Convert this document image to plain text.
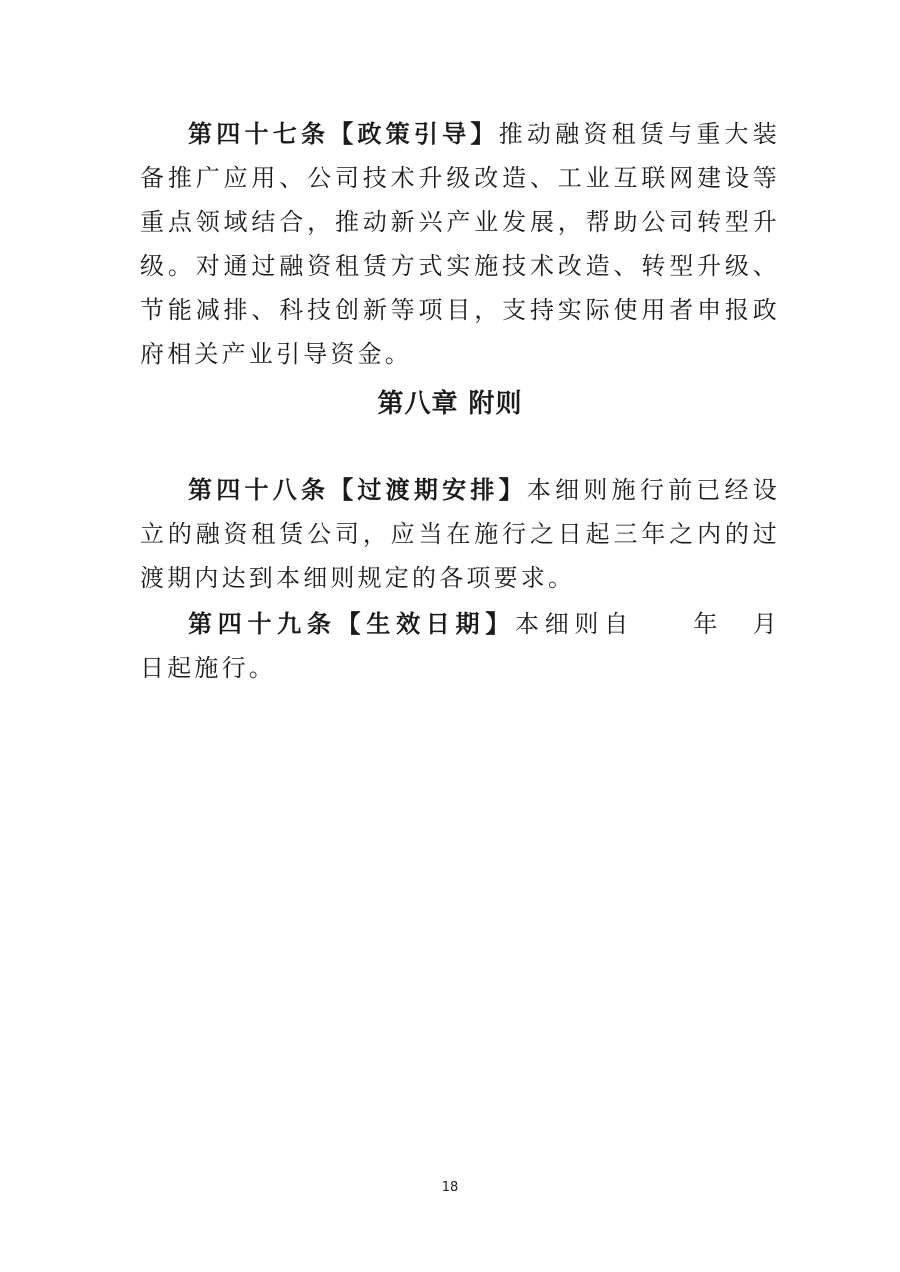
第四十七条【政策引导】推动融资租赁与重大装备推广应用、公司技术升级改造、工业互联网建设等重点领域结合，推动新兴产业发展，帮助公司转型升级。对通过融资租赁方式实施技术改造、转型升级、节能减排、科技创新等项目，支持实际使用者申报政府相关产业引导资金。

第八章 附则

第四十八条【过渡期安排】本细则施行前已经设立的融资租赁公司，应当在施行之日起三年之内的过渡期内达到本细则规定的各项要求。

第四十九条【生效日期】本细则自　　年　月　日起施行。

18
